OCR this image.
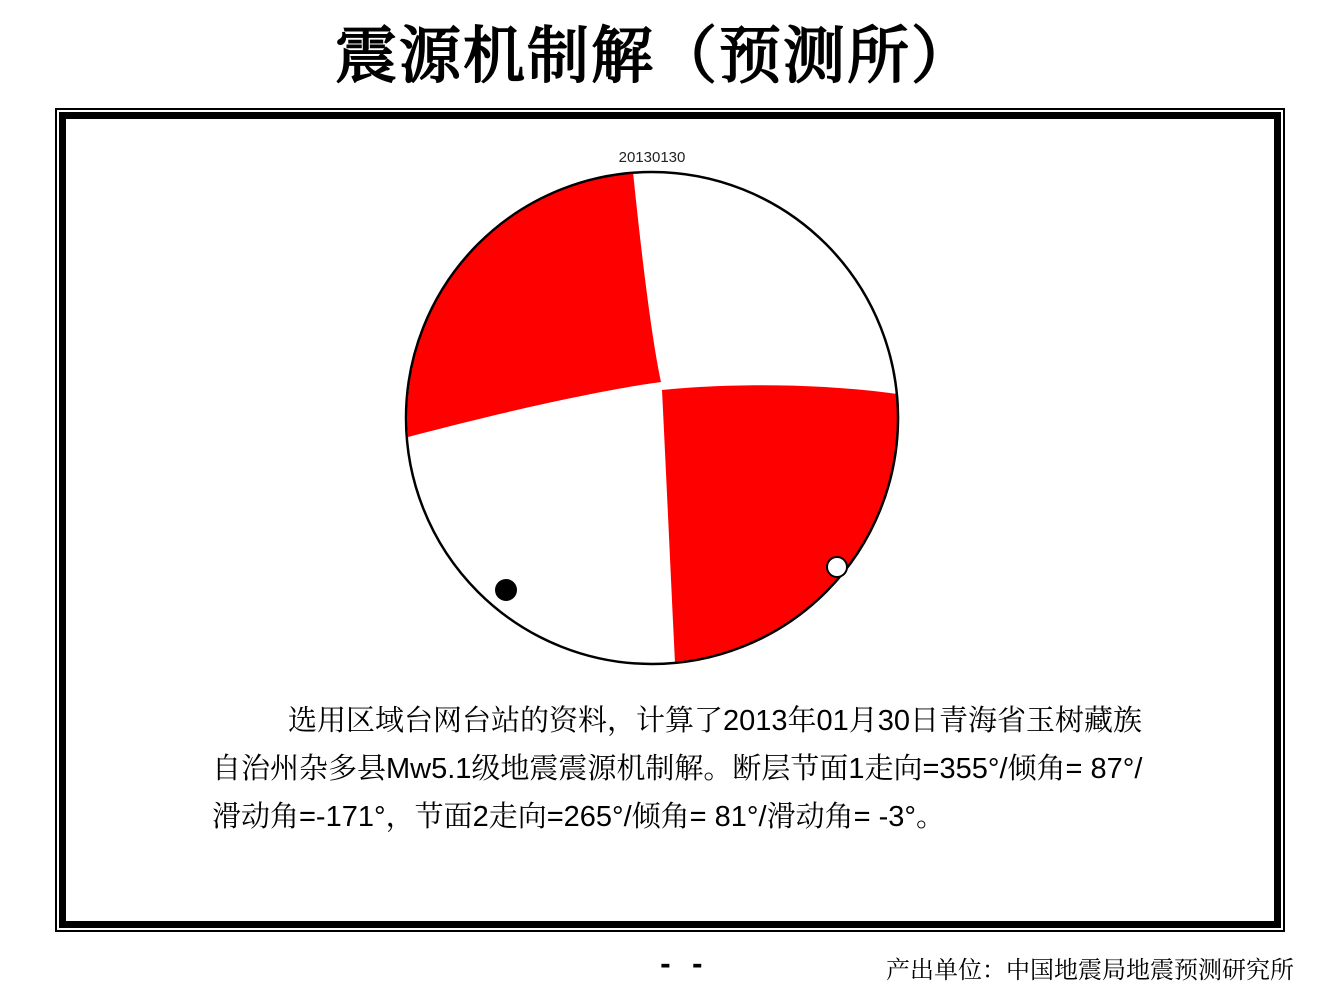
震源机制解（预测所）
20130130
选用区域台网台站的资料，计算了2013年01月30日青海省玉树藏族自治州杂多县Mw5.1级地震震源机制解。断层节面1走向=355°/倾角= 87°/滑动角=-171°，节面2走向=265°/倾角= 81°/滑动角= -3°。
- -	产出单位：中国地震局地震预测研究所
